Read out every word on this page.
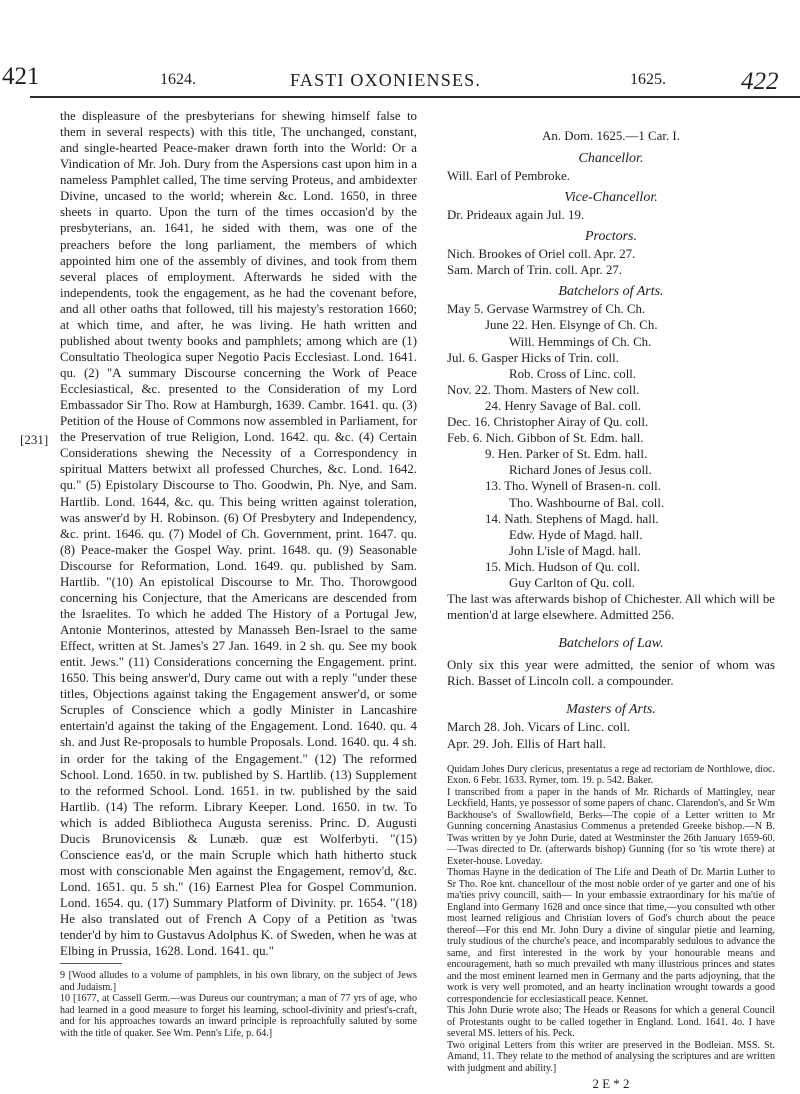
421	1624.	FASTI OXONIENSES.	1625.	422
[231]

the displeasure of the presbyterians for shewing himself false to them in several respects) with this title, The unchanged, constant, and single-hearted Peace-maker drawn forth into the World: Or a Vindication of Mr. Joh. Dury from the Aspersions cast upon him in a nameless Pamphlet called, The time serving Proteus, and ambidexter Divine, uncased to the world; wherein &c. Lond. 1650, in three sheets in quarto. Upon the turn of the times occasion'd by the presbyterians, an. 1641, he sided with them, was one of the preachers before the long parliament, the members of which appointed him one of the assembly of divines, and took from them several places of employment. Afterwards he sided with the independents, took the engagement, as he had the covenant before, and all other oaths that followed, till his majesty's restoration 1660; at which time, and after, he was living. He hath written and published about twenty books and pamphlets; among which are (1) Consultatio Theologica super Negotio Pacis Ecclesiast. Lond. 1641. qu. (2) "A summary Discourse concerning the Work of Peace Ecclesiastical, &c. presented to the Consideration of my Lord Embassador Sir Tho. Row at Hamburgh, 1639. Cambr. 1641. qu. (3) Petition of the House of Commons now assembled in Parliament, for the Preservation of true Religion, Lond. 1642. qu. &c. (4) Certain Considerations shewing the Necessity of a Correspondency in spiritual Matters betwixt all professed Churches, &c. Lond. 1642. qu." (5) Epistolary Discourse to Tho. Goodwin, Ph. Nye, and Sam. Hartlib. Lond. 1644, &c. qu. This being written against toleration, was answer'd by H. Robinson. (6) Of Presbytery and Independency, &c. print. 1646. qu. (7) Model of Ch. Government, print. 1647. qu. (8) Peace-maker the Gospel Way. print. 1648. qu. (9) Seasonable Discourse for Reformation, Lond. 1649. qu. published by Sam. Hartlib. "(10) An epistolical Discourse to Mr. Tho. Thorowgood concerning his Conjecture, that the Americans are descended from the Israelites. To which he added The History of a Portugal Jew, Antonie Monterinos, attested by Manasseh Ben-Israel to the same Effect, written at St. James's 27 Jan. 1649. in 2 sh. qu. See my book entit. Jews." (11) Considerations concerning the Engagement. print. 1650. This being answer'd, Dury came out with a reply "under these titles, Objections against taking the Engagement answer'd, or some Scruples of Conscience which a godly Minister in Lancashire entertain'd against the taking of the Engagement. Lond. 1640. qu. 4 sh. and Just Re-proposals to humble Proposals. Lond. 1640. qu. 4 sh. in order for the taking of the Engagement." (12) The reformed School. Lond. 1650. in tw. published by S. Hartlib. (13) Supplement to the reformed School. Lond. 1651. in tw. published by the said Hartlib. (14) The reform. Library Keeper. Lond. 1650. in tw. To which is added Bibliotheca Augusta sereniss. Princ. D. Augusti Ducis Brunovicensis & Lunæb. quæ est Wolferbyti. "(15) Conscience eas'd, or the main Scruple which hath hitherto stuck most with conscionable Men against the Engagement, remov'd, &c. Lond. 1651. qu. 5 sh." (16) Earnest Plea for Gospel Communion. Lond. 1654. qu. (17) Summary Platform of Divinity. pr. 1654. "(18) He also translated out of French A Copy of a Petition as 'twas tender'd by him to Gustavus Adolphus K. of Sweden, when he was at Elbing in Prussia, 1628. Lond. 1641. qu."

9 [Wood alludes to a volume of pamphlets, in his own library, on the subject of Jews and Judaism.]

10 [1677, at Cassell Germ.—was Dureus our countryman; a man of 77 yrs of age, who had learned in a good measure to forget his learning, school-divinity and priest's-craft, and for his approaches towards an inward principle is reproachfully saluted by some with the title of quaker. See Wm. Penn's Life, p. 64.]

An. Dom. 1625.—1 Car. I.

Chancellor.

Will. Earl of Pembroke.

Vice-Chancellor.

Dr. Prideaux again Jul. 19.

Proctors.

Nich. Brookes of Oriel coll. Apr. 27.

Sam. March of Trin. coll. Apr. 27.

Batchelors of Arts.

May 5. Gervase Warmstrey of Ch. Ch.

June 22. Hen. Elsynge of Ch. Ch.

Will. Hemmings of Ch. Ch.

Jul. 6. Gasper Hicks of Trin. coll.

Rob. Cross of Linc. coll.

Nov. 22. Thom. Masters of New coll.

24. Henry Savage of Bal. coll.

Dec. 16. Christopher Airay of Qu. coll.

Feb. 6. Nich. Gibbon of St. Edm. hall.

9. Hen. Parker of St. Edm. hall.

Richard Jones of Jesus coll.

13. Tho. Wynell of Brasen-n. coll.

Tho. Washbourne of Bal. coll.

14. Nath. Stephens of Magd. hall.

Edw. Hyde of Magd. hall.

John L'isle of Magd. hall.

15. Mich. Hudson of Qu. coll.

Guy Carlton of Qu. coll.

The last was afterwards bishop of Chichester. All which will be mention'd at large elsewhere. Admitted 256.

Batchelors of Law.

Only six this year were admitted, the senior of whom was Rich. Basset of Lincoln coll. a compounder.

Masters of Arts.

March 28. Joh. Vicars of Linc. coll.

Apr. 29. Joh. Ellis of Hart hall.

Quidam Johes Dury clericus, presentatus a rege ad rectoriam de Northlowe, dioc. Exon. 6 Febr. 1633. Rymer, tom. 19. p. 542. Baker.

I transcribed from a paper in the hands of Mr. Richards of Mattingley, near Leckfield, Hants, ye possessor of some papers of chanc. Clarendon's, and Sr Wm Backhouse's of Swallowfield, Berks—The copie of a Letter written to Mr Gunning concerning Anastasius Commenus a pretended Greeke bishop.—N B. Twas written by ye John Durie, dated at Westminster the 26th January 1659-60.—Twas directed to Dr. (afterwards bishop) Gunning (for so 'tis wrote there) at Exeter-house. Loveday.

Thomas Hayne in the dedication of The Life and Death of Dr. Martin Luther to Sr Tho. Roe knt. chancellour of the most noble order of ye garter and one of his ma'ties privy councill, saith— In your embassie extraordinary for his ma'tie of England into Germany 1628 and once since that time,—you consulted wth other most learned religious and Christian lovers of God's church about the peace thereof—For this end Mr. John Dury a divine of singular pietie and learning, truly studious of the churche's peace, and incomparably sedulous to advance the same, and first interested in the work by your honourable means and encouragement, hath so much prevailed wth many illustrious princes and states and the most eminent learned men in Germany and the parts adjoyning, that the work is very well promoted, and an hearty inclination wrought towards a good correspondencie for ecclesiasticall peace. Kennet.

This John Durie wrote also; The Heads or Reasons for which a general Council of Protestants ought to be called together in England. Lond. 1641. 4o. I have several MS. letters of his. Peck.

Two original Letters from this writer are preserved in the Bodleian. MSS. St. Amand, 11. They relate to the method of analysing the scriptures and are written with judgment and ability.]

2 E * 2
